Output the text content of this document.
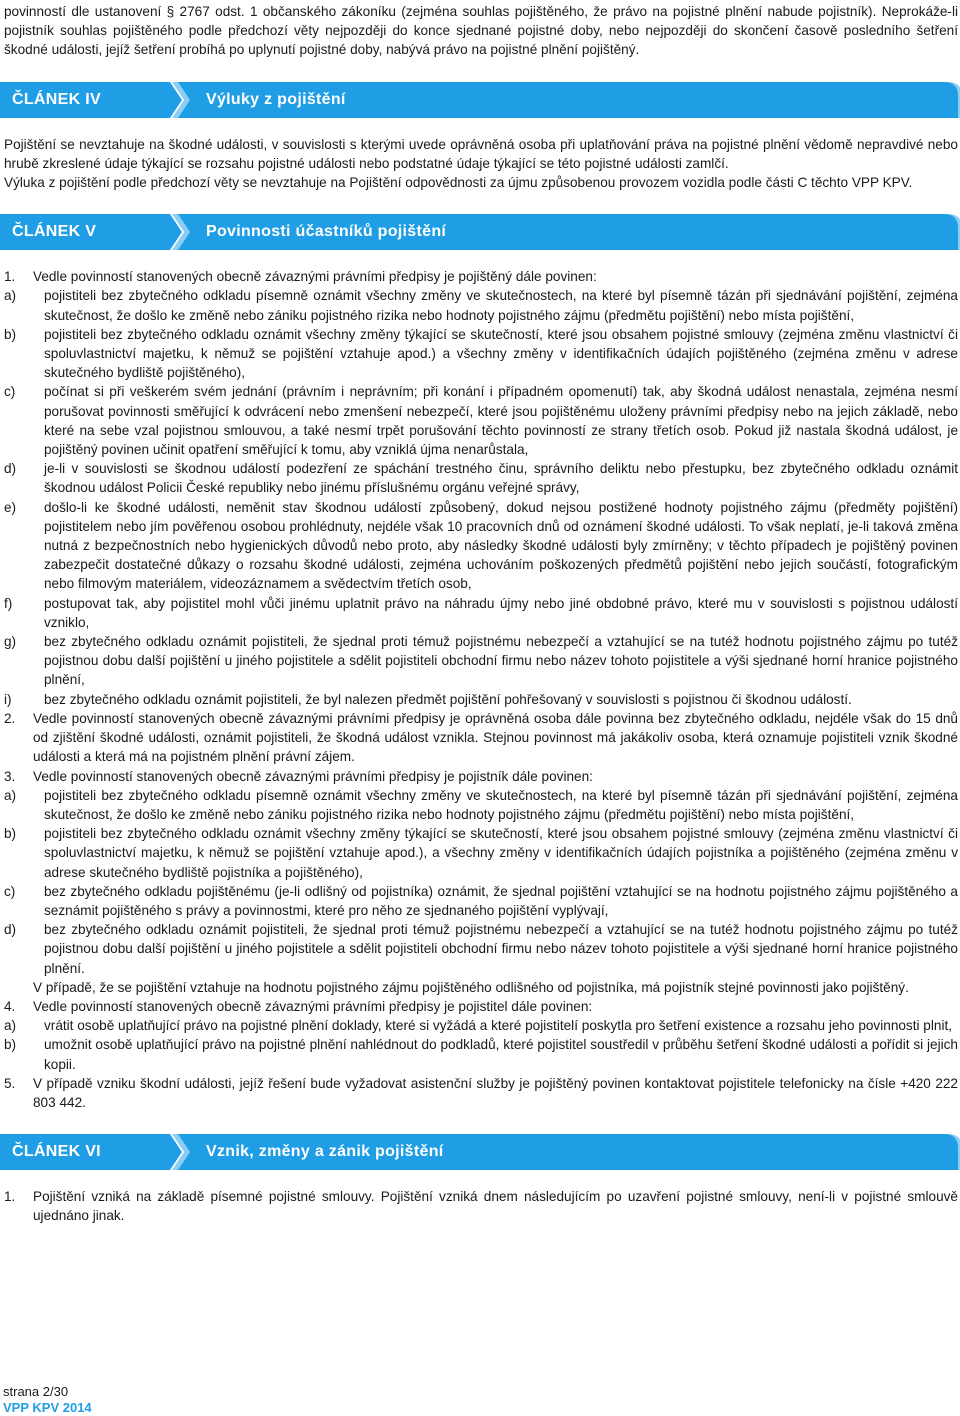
povinností dle ustanovení § 2767 odst. 1 občanského zákoníku (zejména souhlas pojištěného, že právo na pojistné plnění nabude pojistník). Neprokáže-li pojistník souhlas pojištěného podle předchozí věty nejpozději do konce sjednané pojistné doby, nebo nejpozději do skončení časově posledního šetření škodné události, jejíž šetření probíhá po uplynutí pojistné doby, nabývá právo na pojistné plnění pojištěný.

ČLÁNEK IV	Výluky z pojištění

Pojištění se nevztahuje na škodné události, v souvislosti s kterými uvede oprávněná osoba při uplatňování práva na pojistné plnění vědomě nepravdivé nebo hrubě zkreslené údaje týkající se rozsahu pojistné události nebo podstatné údaje týkající se této pojistné události zamlčí.

Výluka z pojištění podle předchozí věty se nevztahuje na Pojištění odpovědnosti za újmu způsobenou provozem vozidla podle části C těchto VPP KPV.

ČLÁNEK V	Povinnosti účastníků pojištění
1.	Vedle povinností stanovených obecně závaznými právními předpisy je pojištěný dále povinen:
a)	pojistiteli bez zbytečného odkladu písemně oznámit všechny změny ve skutečnostech, na které byl písemně tázán při sjednávání pojištění, zejména skutečnost, že došlo ke změně nebo zániku pojistného rizika nebo hodnoty pojistného zájmu (předmětu pojištění) nebo místa pojištění,
b)	pojistiteli bez zbytečného odkladu oznámit všechny změny týkající se skutečností, které jsou obsahem pojistné smlouvy (zejména změnu vlastnictví či spoluvlastnictví majetku, k němuž se pojištění vztahuje apod.) a všechny změny v identifikačních údajích pojištěného (zejména změnu v adrese skutečného bydliště pojištěného),
c)	počínat si při veškerém svém jednání (právním i neprávním; při konání i případném opomenutí) tak, aby škodná událost nenastala, zejména nesmí porušovat povinnosti směřující k odvrácení nebo zmenšení nebezpečí, které jsou pojištěnému uloženy právními předpisy nebo na jejich základě, nebo které na sebe vzal pojistnou smlouvou, a také nesmí trpět porušování těchto povinností ze strany třetích osob. Pokud již nastala škodná událost, je pojištěný povinen učinit opatření směřující k tomu, aby vzniklá újma nenarůstala,
d)	je-li v souvislosti se škodnou událostí podezření ze spáchání trestného činu, správního deliktu nebo přestupku, bez zbytečného odkladu oznámit škodnou událost Policii České republiky nebo jinému příslušnému orgánu veřejné správy,
e)	došlo-li ke škodné události, neměnit stav škodnou událostí způsobený, dokud nejsou postižené hodnoty pojistného zájmu (předměty pojištění) pojistitelem nebo jím pověřenou osobou prohlédnuty, nejdéle však 10 pracovních dnů od oznámení škodné události. To však neplatí, je-li taková změna nutná z bezpečnostních nebo hygienických důvodů nebo proto, aby následky škodné události byly zmírněny; v těchto případech je pojištěný povinen zabezpečit dostatečné důkazy o rozsahu škodné události, zejména uchováním poškozených předmětů pojištění nebo jejich součástí, fotografickým nebo filmovým materiálem, videozáznamem a svědectvím třetích osob,
f)	postupovat tak, aby pojistitel mohl vůči jinému uplatnit právo na náhradu újmy nebo jiné obdobné právo, které mu v souvislosti s pojistnou událostí vzniklo,
g)	bez zbytečného odkladu oznámit pojistiteli, že sjednal proti témuž pojistnému nebezpečí a vztahující se na tutéž hodnotu pojistného zájmu po tutéž pojistnou dobu další pojištění u jiného pojistitele a sdělit pojistiteli obchodní firmu nebo název tohoto pojistitele a výši sjednané horní hranice pojistného plnění,
i)	bez zbytečného odkladu oznámit pojistiteli, že byl nalezen předmět pojištění pohřešovaný v souvislosti s pojistnou či škodnou událostí.
2.	Vedle povinností stanovených obecně závaznými právními předpisy je oprávněná osoba dále povinna bez zbytečného odkladu, nejdéle však do 15 dnů od zjištění škodné události, oznámit pojistiteli, že škodná událost vznikla. Stejnou povinnost má jakákoliv osoba, která oznamuje pojistiteli vznik škodné události a která má na pojistném plnění právní zájem.
3.	Vedle povinností stanovených obecně závaznými právními předpisy je pojistník dále povinen:
a)	pojistiteli bez zbytečného odkladu písemně oznámit všechny změny ve skutečnostech, na které byl písemně tázán při sjednávání pojištění, zejména skutečnost, že došlo ke změně nebo zániku pojistného rizika nebo hodnoty pojistného zájmu (předmětu pojištění) nebo místa pojištění,
b)	pojistiteli bez zbytečného odkladu oznámit všechny změny týkající se skutečností, které jsou obsahem pojistné smlouvy (zejména změnu vlastnictví či spoluvlastnictví majetku, k němuž se pojištění vztahuje apod.), a všechny změny v identifikačních údajích pojistníka a pojištěného (zejména změnu v adrese skutečného bydliště pojistníka a pojištěného),
c)	bez zbytečného odkladu pojištěnému (je-li odlišný od pojistníka) oznámit, že sjednal pojištění vztahující se na hodnotu pojistného zájmu pojištěného a seznámit pojištěného s právy a povinnostmi, které pro něho ze sjednaného pojištění vyplývají,
d)	bez zbytečného odkladu oznámit pojistiteli, že sjednal proti témuž pojistnému nebezpečí a vztahující se na tutéž hodnotu pojistného zájmu po tutéž pojistnou dobu další pojištění u jiného pojistitele a sdělit pojistiteli obchodní firmu nebo název tohoto pojistitele a výši sjednané horní hranice pojistného plnění.
V případě, že se pojištění vztahuje na hodnotu pojistného zájmu pojištěného odlišného od pojistníka, má pojistník stejné povinnosti jako pojištěný.
4.	Vedle povinností stanovených obecně závaznými právními předpisy je pojistitel dále povinen:
a)	vrátit osobě uplatňující právo na pojistné plnění doklady, které si vyžádá a které pojistitelí poskytla pro šetření existence a rozsahu jeho povinnosti plnit,
b)	umožnit osobě uplatňující právo na pojistné plnění nahlédnout do podkladů, které pojistitel soustředil v průběhu šetření škodné události a pořídit si jejich kopii.
5.	V případě vzniku škodní události, jejíž řešení bude vyžadovat asistenční služby je pojištěný povinen kontaktovat pojistitele telefonicky na čísle +420 222 803 442.
ČLÁNEK VI	Vznik, změny a zánik pojištění
1.	Pojištění vzniká na základě písemné pojistné smlouvy. Pojištění vzniká dnem následujícím po uzavření pojistné smlouvy, není-li v pojistné smlouvě ujednáno jinak.
strana 2/30
VPP KPV 2014
